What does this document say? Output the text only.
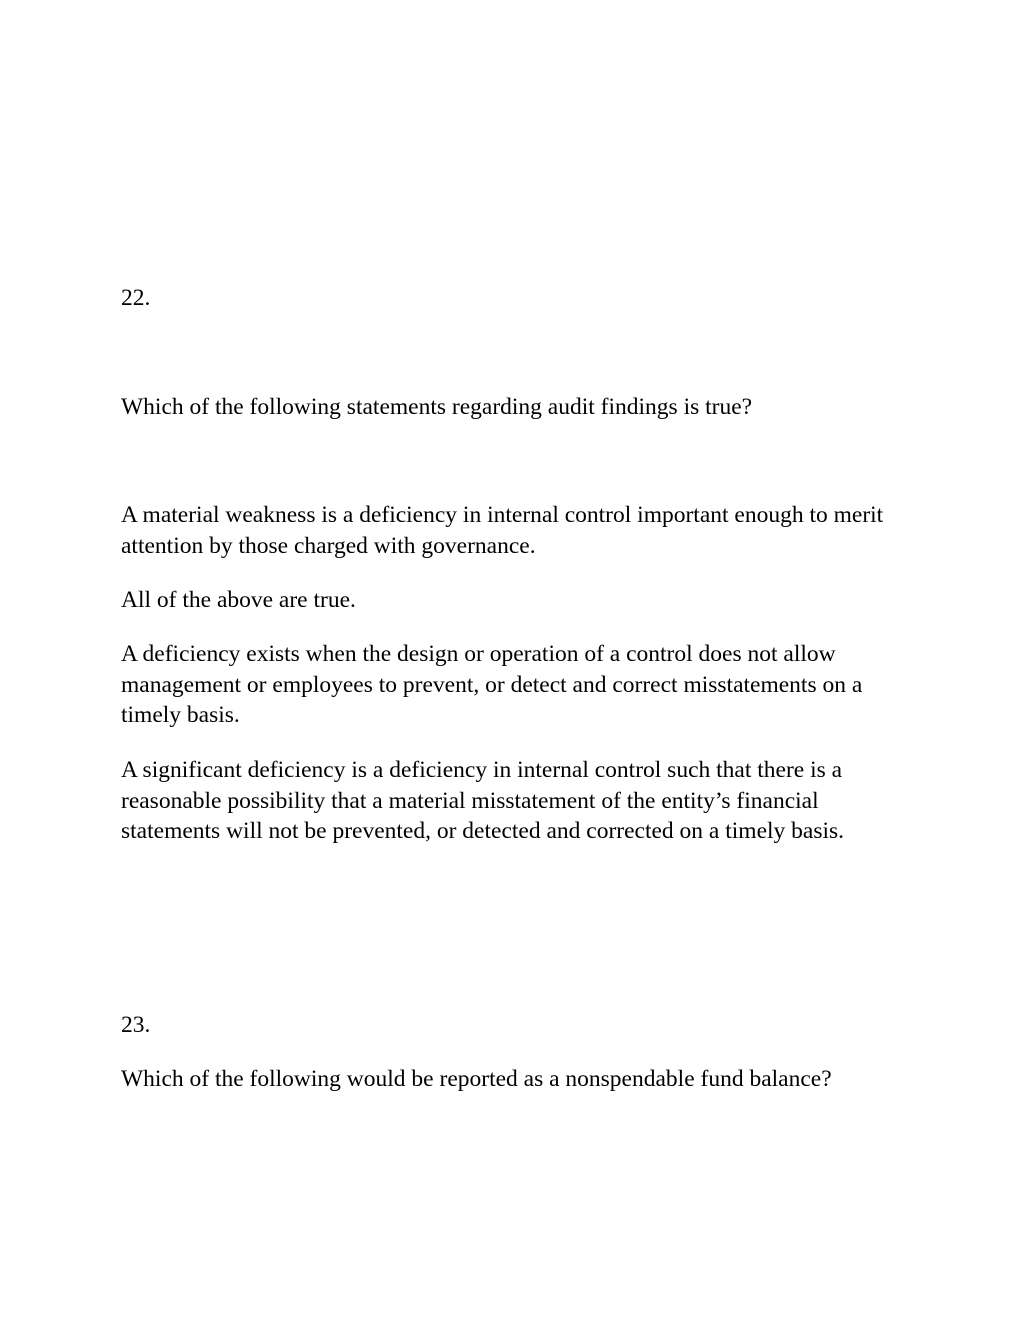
22.

Which of the following statements regarding audit findings is true?

A material weakness is a deficiency in internal control important enough to merit attention by those charged with governance.

All of the above are true.

A deficiency exists when the design or operation of a control does not allow management or employees to prevent, or detect and correct misstatements on a timely basis.

A significant deficiency is a deficiency in internal control such that there is a reasonable possibility that a material misstatement of the entity’s financial statements will not be prevented, or detected and corrected on a timely basis.

23.

Which of the following would be reported as a nonspendable fund balance?
